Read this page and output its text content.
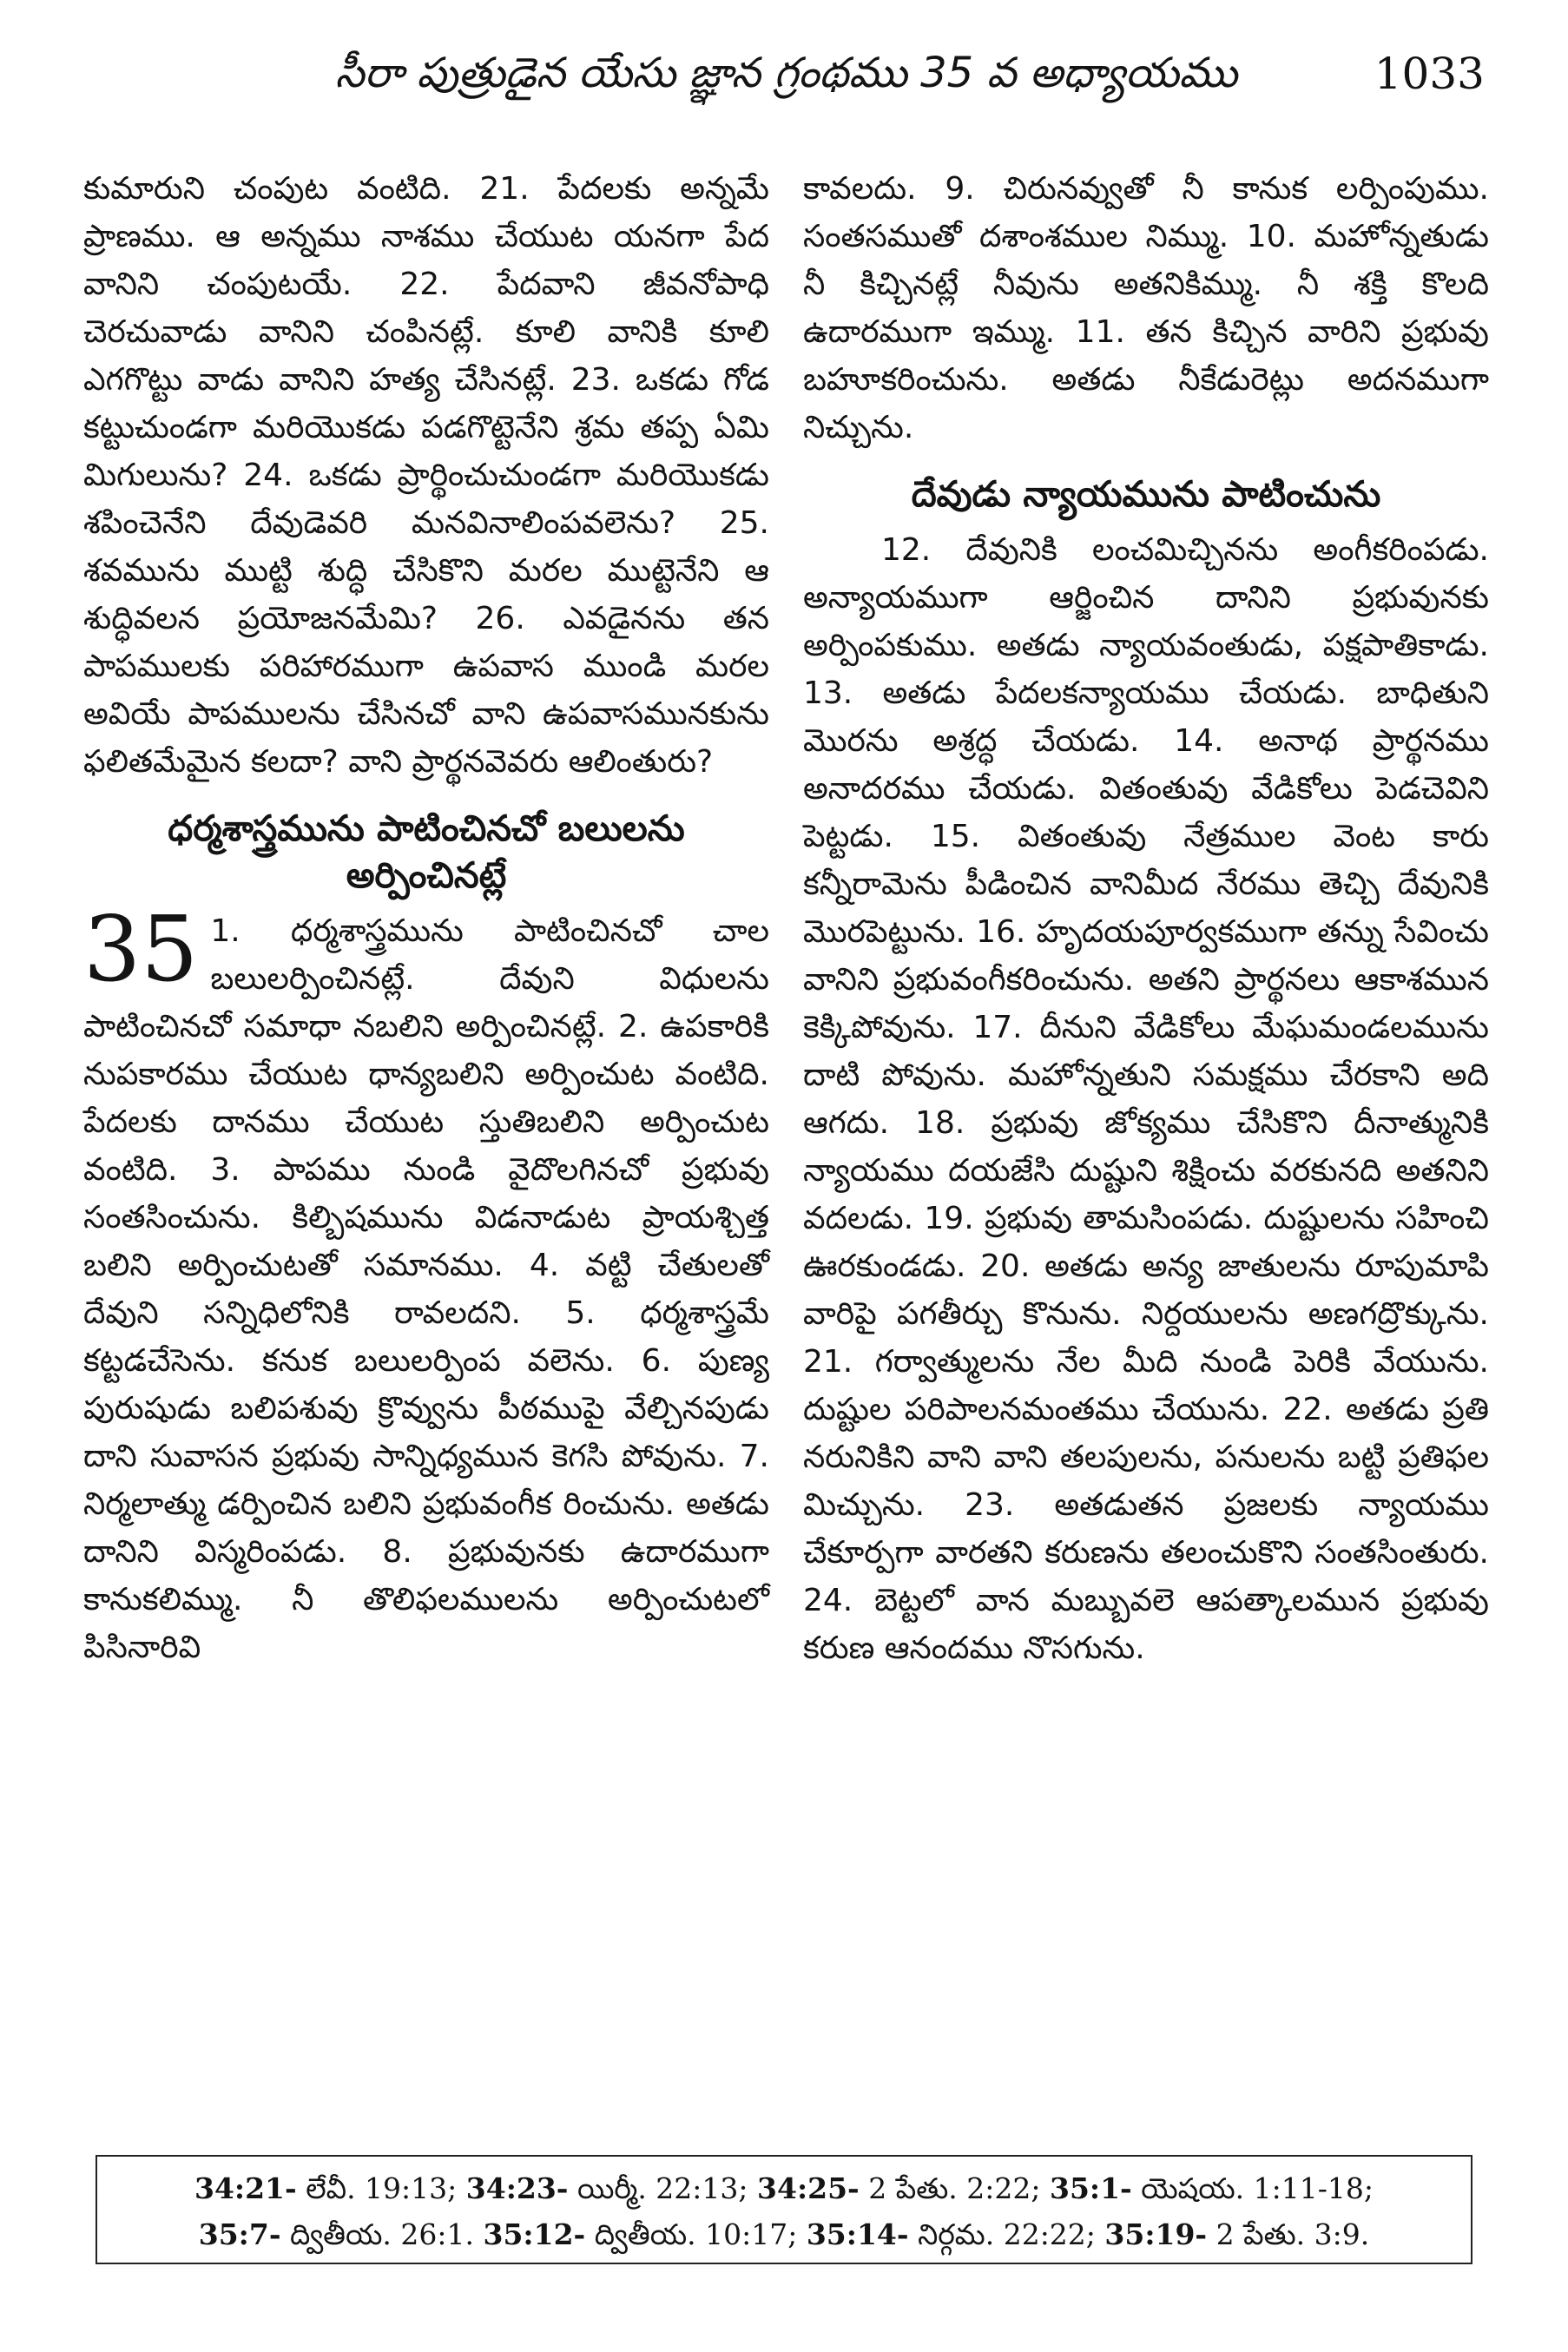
సీరా పుత్రుడైన యేసు జ్ఞాన గ్రంథము 35 వ అధ్యాయము	1033

కుమారుని చంపుట వంటిది. 21. పేదలకు అన్నమే ప్రాణము. ఆ అన్నము నాశము చేయుట యనగా పేద వానిని చంపుటయే. 22. పేదవాని జీవనోపాధి చెరచువాడు వానిని చంపినట్లే. కూలి వానికి కూలి ఎగగొట్టు వాడు వానిని హత్య చేసినట్లే. 23. ఒకడు గోడ కట్టుచుండగా మరియొకడు పడగొట్టెనేని శ్రమ తప్ప ఏమి మిగులును? 24. ఒకడు ప్రార్థించుచుండగా మరియొకడు శపించెనేని దేవుడెవరి మనవినాలింపవలెను? 25. శవమును ముట్టి శుద్ధి చేసికొని మరల ముట్టెనేని ఆ శుద్ధివలన ప్రయోజనమేమి? 26. ఎవడైనను తన పాపములకు పరిహారముగా ఉపవాస ముండి మరల అవియే పాపములను చేసినచో వాని ఉపవాసమునకును ఫలితమేమైన కలదా? వాని ప్రార్థనవెవరు ఆలింతురు?

ధర్మశాస్త్రమును పాటించినచో బలులను అర్పించినట్లే

35 1. ధర్మశాస్త్రమును పాటించినచో చాల బలులర్పించినట్లే. దేవుని విధులను పాటించినచో సమాధా నబలిని అర్పించినట్లే. 2. ఉపకారికి నుపకారము చేయుట ధాన్యబలిని అర్పించుట వంటిది. పేదలకు దానము చేయుట స్తుతిబలిని అర్పించుట వంటిది. 3. పాపము నుండి వైదొలగినచో ప్రభువు సంతసించును. కిల్బిషమును విడనాడుట ప్రాయశ్చిత్త బలిని అర్పించుటతో సమానము. 4. వట్టి చేతులతో దేవుని సన్నిధిలోనికి రావలదని. 5. ధర్మశాస్త్రమే కట్టడచేసెను. కనుక బలులర్పింప వలెను. 6. పుణ్య పురుషుడు బలిపశువు క్రొవ్వును పీఠముపై వేల్చినపుడు దాని సువాసన ప్రభువు సాన్నిధ్యమున కెగసి పోవును. 7. నిర్మలాత్ము డర్పించిన బలిని ప్రభువంగీక రించును. అతడు దానిని విస్మరింపడు. 8. ప్రభువునకు ఉదారముగా కానుకలిమ్ము. నీ తొలిఫలములను అర్పించుటలో పిసినారివి

కావలదు. 9. చిరునవ్వుతో నీ కానుక లర్పింపుము. సంతసముతో దశాంశముల నిమ్ము. 10. మహోన్నతుడు నీ కిచ్చినట్లే నీవును అతనికిమ్ము. నీ శక్తి కొలది ఉదారముగా ఇమ్ము. 11. తన కిచ్చిన వారిని ప్రభువు బహూకరించును. అతడు నీకేడురెట్లు అదనముగా నిచ్చును.

దేవుడు న్యాయమును పాటించును

12. దేవునికి లంచమిచ్చినను అంగీకరింపడు. అన్యాయముగా ఆర్జించిన దానిని ప్రభువునకు అర్పింపకుము. అతడు న్యాయవంతుడు, పక్షపాతికాడు. 13. అతడు పేదలకన్యాయము చేయడు. బాధితుని మొరను అశ్రద్ధ చేయడు. 14. అనాథ ప్రార్థనము అనాదరము చేయడు. వితంతువు వేడికోలు పెడచెవిని పెట్టడు. 15. వితంతువు నేత్రముల వెంట కారు కన్నీరామెను పీడించిన వానిమీద నేరము తెచ్చి దేవునికి మొరపెట్టును. 16. హృదయపూర్వకముగా తన్ను సేవించు వానిని ప్రభువంగీకరించును. అతని ప్రార్థనలు ఆకాశమున కెక్కిపోవును. 17. దీనుని వేడికోలు మేఘమండలమును దాటి పోవును. మహోన్నతుని సమక్షము చేరకాని అది ఆగదు. 18. ప్రభువు జోక్యము చేసికొని దీనాత్మునికి న్యాయము దయజేసి దుష్టుని శిక్షించు వరకునది అతనిని వదలడు. 19. ప్రభువు తామసింపడు. దుష్టులను సహించి ఊరకుండడు. 20. అతడు అన్య జాతులను రూపుమాపి వారిపై పగతీర్చు కొనును. నిర్దయులను అణగద్రొక్కును. 21. గర్వాత్ములను నేల మీది నుండి పెరికి వేయును. దుష్టుల పరిపాలనమంతము చేయును. 22. అతడు ప్రతి నరునికిని వాని వాని తలపులను, పనులను బట్టి ప్రతిఫల మిచ్చును. 23. అతడుతన ప్రజలకు న్యాయము చేకూర్పగా వారతని కరుణను తలంచుకొని సంతసింతురు. 24. బెట్టలో వాన మబ్బువలె ఆపత్కాలమున ప్రభువు కరుణ ఆనందము నొసగును.

34:21- లేవీ. 19:13; 34:23- యిర్మీ. 22:13; 34:25- 2 పేతు. 2:22; 35:1- యెషయ. 1:11-18;
35:7- ద్వితీయ. 26:1. 35:12- ద్వితీయ. 10:17; 35:14- నిర్గమ. 22:22; 35:19- 2 పేతు. 3:9.
